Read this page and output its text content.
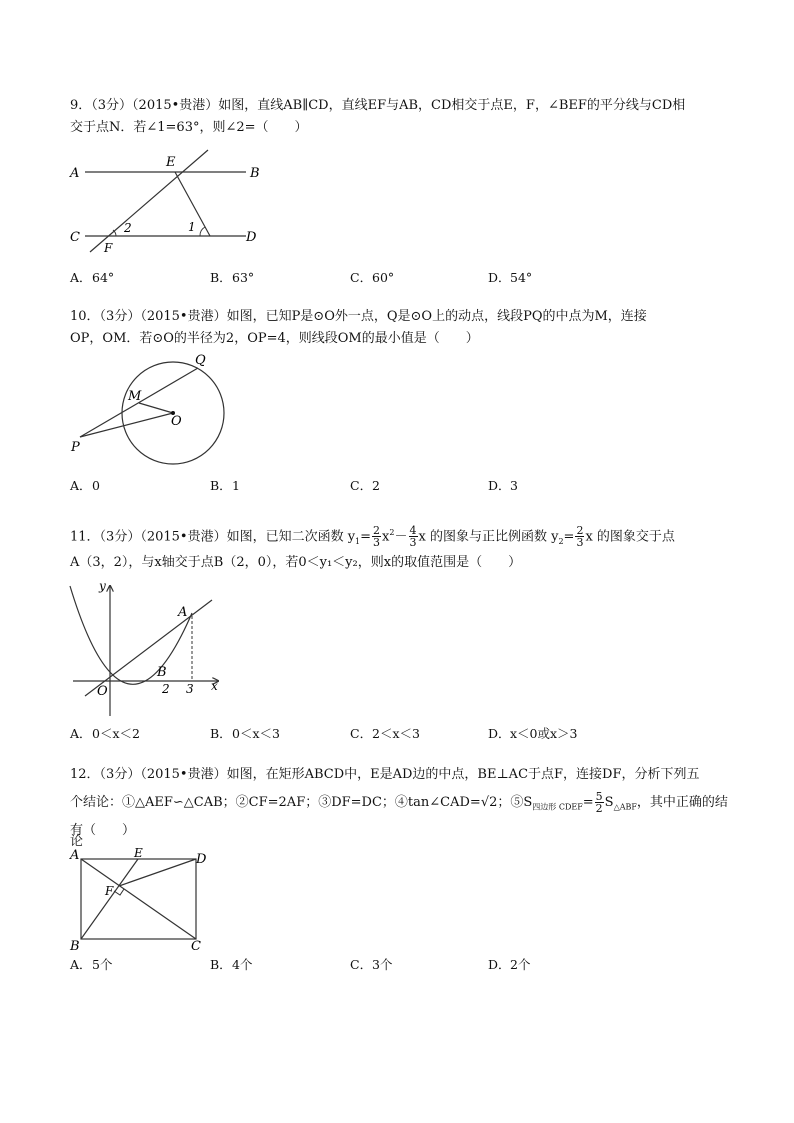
9．（3分）（2015•贵港）如图，直线AB∥CD，直线EF与AB，CD相交于点E，F，∠BEF的平分线与CD相

交于点N．若∠1=63°，则∠2=（　　）

A	B
C	D
E
F
1
2
A．64°	B．63°	C．60°	D．54°

10．（3分）（2015•贵港）如图，已知P是⊙O外一点，Q是⊙O上的动点，线段PQ的中点为M，连接

OP，OM．若⊙O的半径为2，OP=4，则线段OM的最小值是（　　）

Q
M
O
P
A．0	B．1	C．2	D．3

11．（3分）（2015•贵港）如图，已知二次函数 $y_1= \frac{2}{3} x^2- \frac{4}{3}$ x 的图象与正比例函数 $y_2= \frac{2}{3}$ x 的图象交于点

A（3，2），与x轴交于点B（2，0），若0＜y₁＜y₂，则x的取值范围是（　　）

y
x
A
B
O	2 3
A．0＜x＜2	B．0＜x＜3	C．2＜x＜3	D．x＜0或x＞3

12．（3分）（2015•贵港）如图，在矩形ABCD中，E是AD边的中点，BE⊥AC于点F，连接DF，分析下列五

个结论：①△AEF∽△CAB；②CF=2AF；③DF=DC；④tan∠CAD=√2；$⑤S_{四边形 CDEF}= \frac{5}{2} S_{\triangle ABF}$，其中正确的结论

有（　　）

A
B	C
D
E
F
A．5个	B．4个	C．3个	D．2个
